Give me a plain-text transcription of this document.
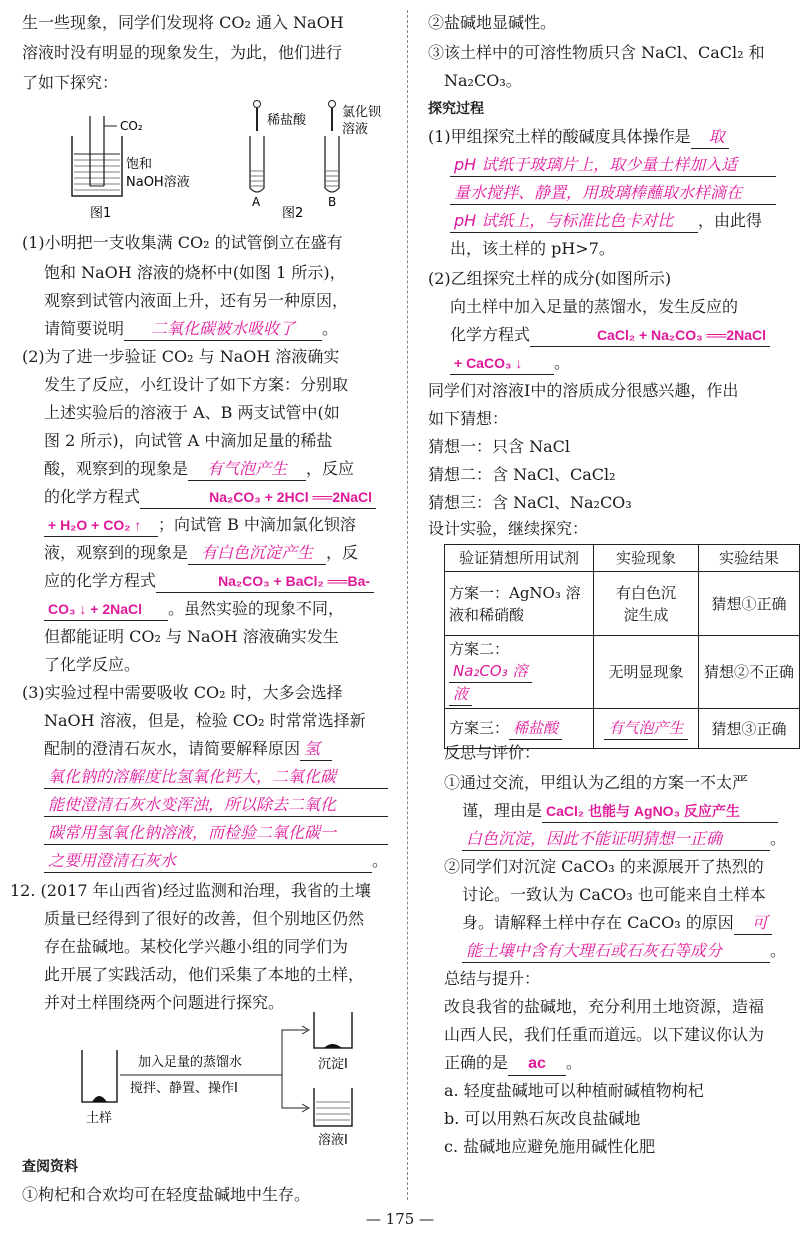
生一些现象，同学们发现将 CO₂ 通入 NaOH
溶液时没有明显的现象发生，为此，他们进行
了如下探究：
CO₂
饱和
NaOH溶液
图1
稀盐酸
A
氯化钡
溶液
B
图2
(1)小明把一支收集满 CO₂ 的试管倒立在盛有
饱和 NaOH 溶液的烧杯中(如图 1 所示)，
观察到试管内液面上升，还有另一种原因，
请简要说明 二氧化碳被水吸收了 。
(2)为了进一步验证 CO₂ 与 NaOH 溶液确实
发生了反应，小红设计了如下方案：分别取
上述实验后的溶液于 A、B 两支试管中(如
图 2 所示)，向试管 A 中滴加足量的稀盐
酸，观察到的现象是 有气泡产生 ，反应
的化学方程式	Na₂CO₃ + 2HCl ══2NaCl
+ H₂O + CO₂ ↑ ；向试管 B 中滴加氯化钡溶
液，观察到的现象是 有白色沉淀产生 ，反
应的化学方程式	Na₂CO₃ + BaCl₂ ══Ba-
CO₃ ↓ + 2NaCl 。虽然实验的现象不同，
但都能证明 CO₂ 与 NaOH 溶液确实发生
了化学反应。
(3)实验过程中需要吸收 CO₂ 时，大多会选择
NaOH 溶液，但是，检验 CO₂ 时常常选择新
配制的澄清石灰水，请简要解释原因 氢
氧化钠的溶解度比氢氧化钙大，二氧化碳
能使澄清石灰水变浑浊，所以除去二氧化
碳常用氢氧化钠溶液，而检验二氧化碳一
之要用澄清石灰水	。
12. (2017 年山西省)经过监测和治理，我省的土壤
质量已经得到了很好的改善，但个别地区仍然
存在盐碱地。某校化学兴趣小组的同学们为
此开展了实践活动，他们采集了本地的土样，
并对土样围绕两个问题进行探究。
土样
加入足量的蒸馏水
搅拌、静置、操作Ⅰ
沉淀Ⅰ
溶液Ⅰ
查阅资料
①枸杞和合欢均可在轻度盐碱地中生存。
②盐碱地显碱性。
③该土样中的可溶性物质只含 NaCl、CaCl₂ 和
Na₂CO₃。
探究过程
(1)甲组探究土样的酸碱度具体操作是 取
pH 试纸于玻璃片上，取少量土样加入适
量水搅拌、静置，用玻璃棒蘸取水样滴在
pH 试纸上，与标准比色卡对比 ，由此得
出，该土样的 pH>7。
(2)乙组探究土样的成分(如图所示)
向土样中加入足量的蒸馏水，发生反应的
化学方程式	CaCl₂ + Na₂CO₃ ══2NaCl
+ CaCO₃ ↓ 。
同学们对溶液Ⅰ中的溶质成分很感兴趣，作出
如下猜想：
猜想一：只含 NaCl
猜想二：含 NaCl、CaCl₂
猜想三：含 NaCl、Na₂CO₃
设计实验，继续探究：
验证猜想所用试剂	实验现象	实验结果
方案一：AgNO₃ 溶
液和稀硝酸	有白色沉
淀生成	猜想①正确
方案二：Na₂CO₃ 溶
液	无明显现象	猜想②不正确
方案三： 稀盐酸	有气泡产生	猜想③正确
反思与评价：
①通过交流，甲组认为乙组的方案一不太严
谨，理由是 CaCl₂ 也能与 AgNO₃ 反应产生
白色沉淀，因此不能证明猜想一正确	。
②同学们对沉淀 CaCO₃ 的来源展开了热烈的
讨论。一致认为 CaCO₃ 也可能来自土样本
身。请解释土样中存在 CaCO₃ 的原因 可
能土壤中含有大理石或石灰石等成分	。
总结与提升：
改良我省的盐碱地，充分利用土地资源，造福
山西人民，我们任重而道远。以下建议你认为
正确的是 ac 。
a. 轻度盐碱地可以种植耐碱植物枸杞
b. 可以用熟石灰改良盐碱地
c. 盐碱地应避免施用碱性化肥
— 175 —
